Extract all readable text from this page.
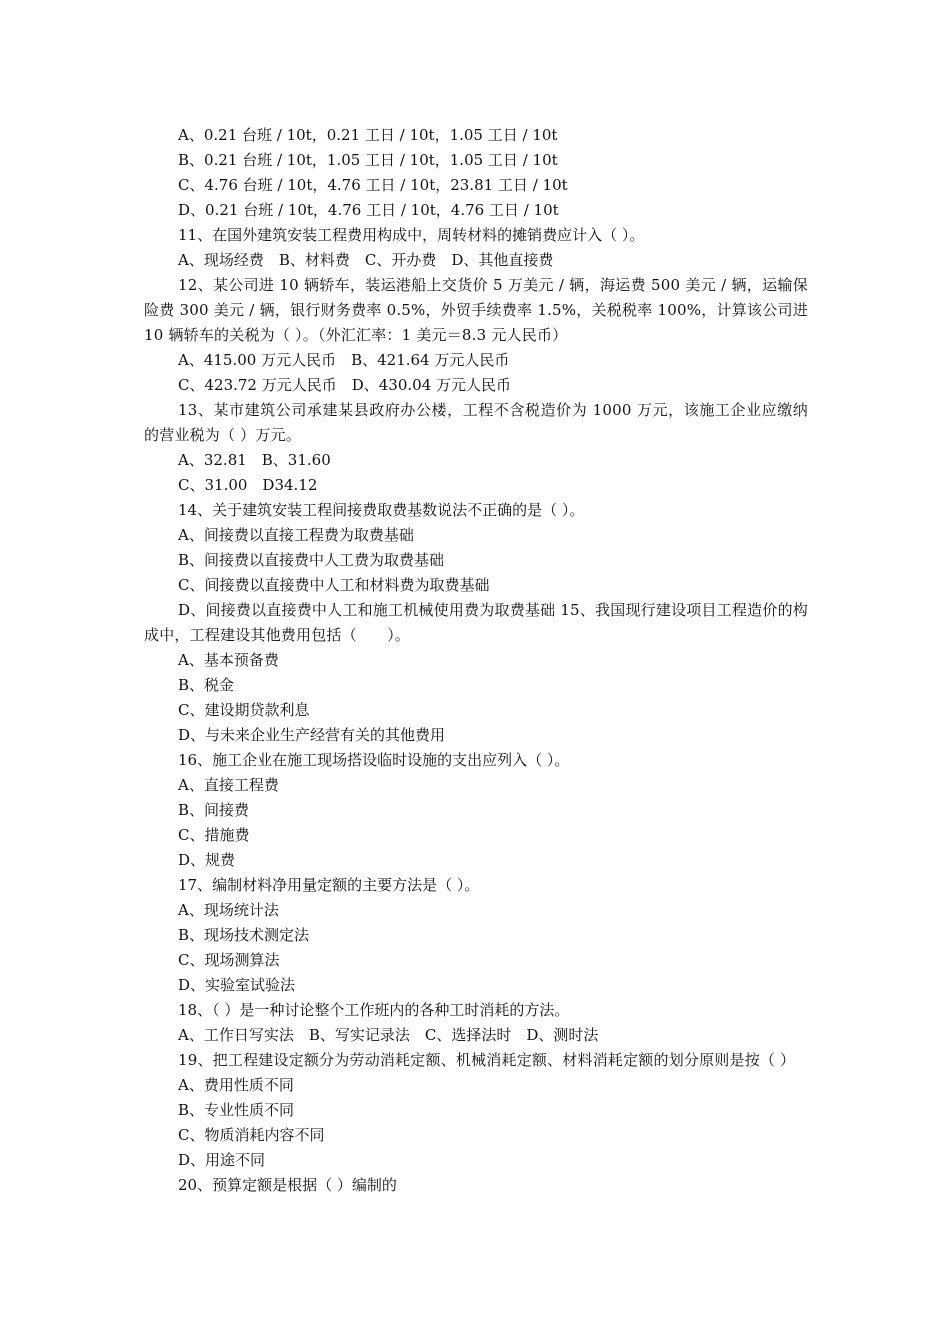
A、0.21 台班 / 10t，0.21 工日 / 10t，1.05 工日 / 10t
B、0.21 台班 / 10t，1.05 工日 / 10t，1.05 工日 / 10t
C、4.76 台班 / 10t，4.76 工日 / 10t，23.81 工日 / 10t
D、0.21 台班 / 10t，4.76 工日 / 10t，4.76 工日 / 10t
11、在国外建筑安装工程费用构成中，周转材料的摊销费应计入（ ）。
A、现场经费　B、材料费　C、开办费　D、其他直接费
12、某公司进 10 辆轿车，装运港船上交货价 5 万美元 / 辆，海运费 500 美元 / 辆，运输保险费 300 美元 / 辆，银行财务费率 0.5%，外贸手续费率 1.5%，关税税率 100%，计算该公司进 10 辆轿车的关税为（ ）。（外汇汇率：1 美元＝8.3 元人民币）
A、415.00 万元人民币　B、421.64 万元人民币
C、423.72 万元人民币　D、430.04 万元人民币
13、某市建筑公司承建某县政府办公楼，工程不含税造价为 1000 万元，该施工企业应缴纳的营业税为（ ）万元。
A、32.81　B、31.60
C、31.00　D34.12
14、关于建筑安装工程间接费取费基数说法不正确的是（ ）。
A、间接费以直接工程费为取费基础
B、间接费以直接费中人工费为取费基础
C、间接费以直接费中人工和材料费为取费基础
D、间接费以直接费中人工和施工机械使用费为取费基础 15、我国现行建设项目工程造价的构成中，工程建设其他费用包括（　　）。
A、基本预备费
B、税金
C、建设期贷款利息
D、与未来企业生产经营有关的其他费用
16、施工企业在施工现场搭设临时设施的支出应列入（ ）。
A、直接工程费
B、间接费
C、措施费
D、规费
17、编制材料净用量定额的主要方法是（ ）。
A、现场统计法
B、现场技术测定法
C、现场测算法
D、实验室试验法
18、（ ）是一种讨论整个工作班内的各种工时消耗的方法。
A、工作日写实法　B、写实记录法　C、选择法时　D、测时法
19、把工程建设定额分为劳动消耗定额、机械消耗定额、材料消耗定额的划分原则是按（ ）
A、费用性质不同
B、专业性质不同
C、物质消耗内容不同
D、用途不同
20、预算定额是根据（ ）编制的
